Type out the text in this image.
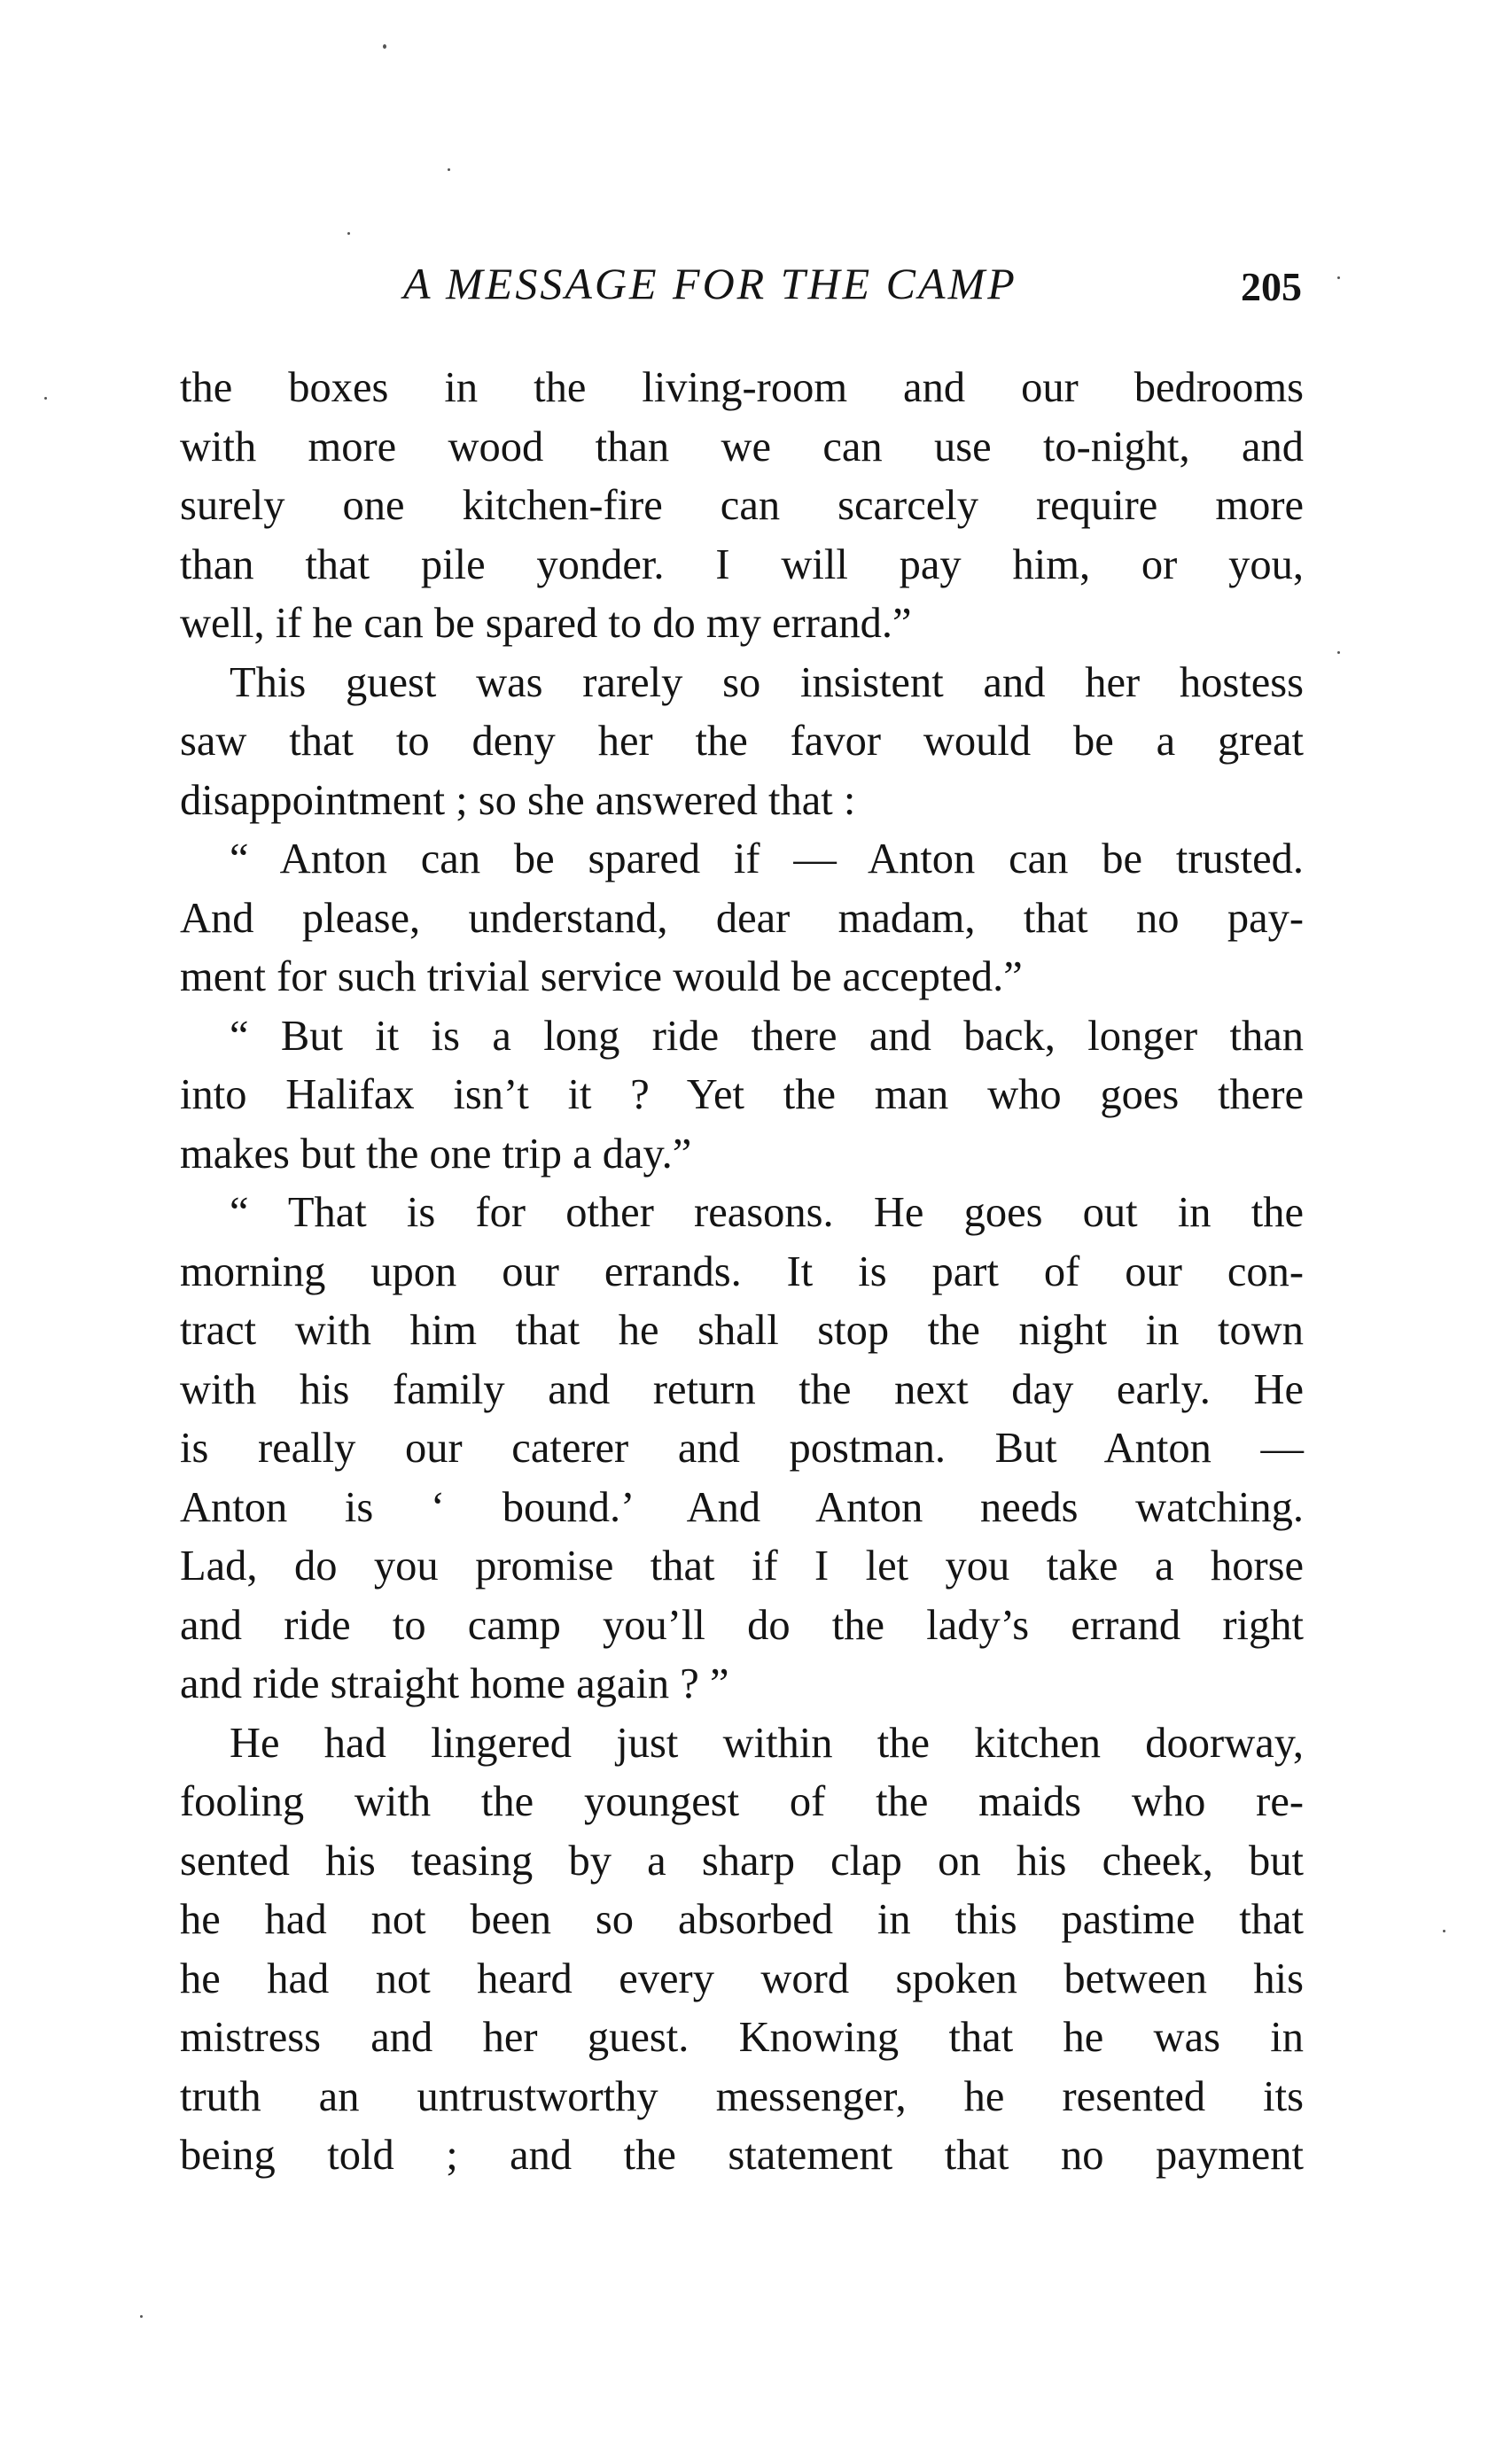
A MESSAGE FOR THE CAMP	205
the boxes in the living-room and our bedrooms
with more wood than we can use to-night, and
surely one kitchen-fire can scarcely require more
than that pile yonder. I will pay him, or you,
well, if he can be spared to do my errand.”
This guest was rarely so insistent and her hostess
saw that to deny her the favor would be a great
disappointment ; so she answered that :
“ Anton can be spared if — Anton can be trusted.
And please, understand, dear madam, that no pay-
ment for such trivial service would be accepted.”
“ But it is a long ride there and back, longer than
into Halifax isn’t it ? Yet the man who goes there
makes but the one trip a day.”
“ That is for other reasons. He goes out in the
morning upon our errands. It is part of our con-
tract with him that he shall stop the night in town
with his family and return the next day early. He
is really our caterer and postman. But Anton —
Anton is ‘ bound.’ And Anton needs watching.
Lad, do you promise that if I let you take a horse
and ride to camp you’ll do the lady’s errand right
and ride straight home again ? ”
He had lingered just within the kitchen doorway,
fooling with the youngest of the maids who re-
sented his teasing by a sharp clap on his cheek, but
he had not been so absorbed in this pastime that
he had not heard every word spoken between his
mistress and her guest. Knowing that he was in
truth an untrustworthy messenger, he resented its
being told ; and the statement that no payment
